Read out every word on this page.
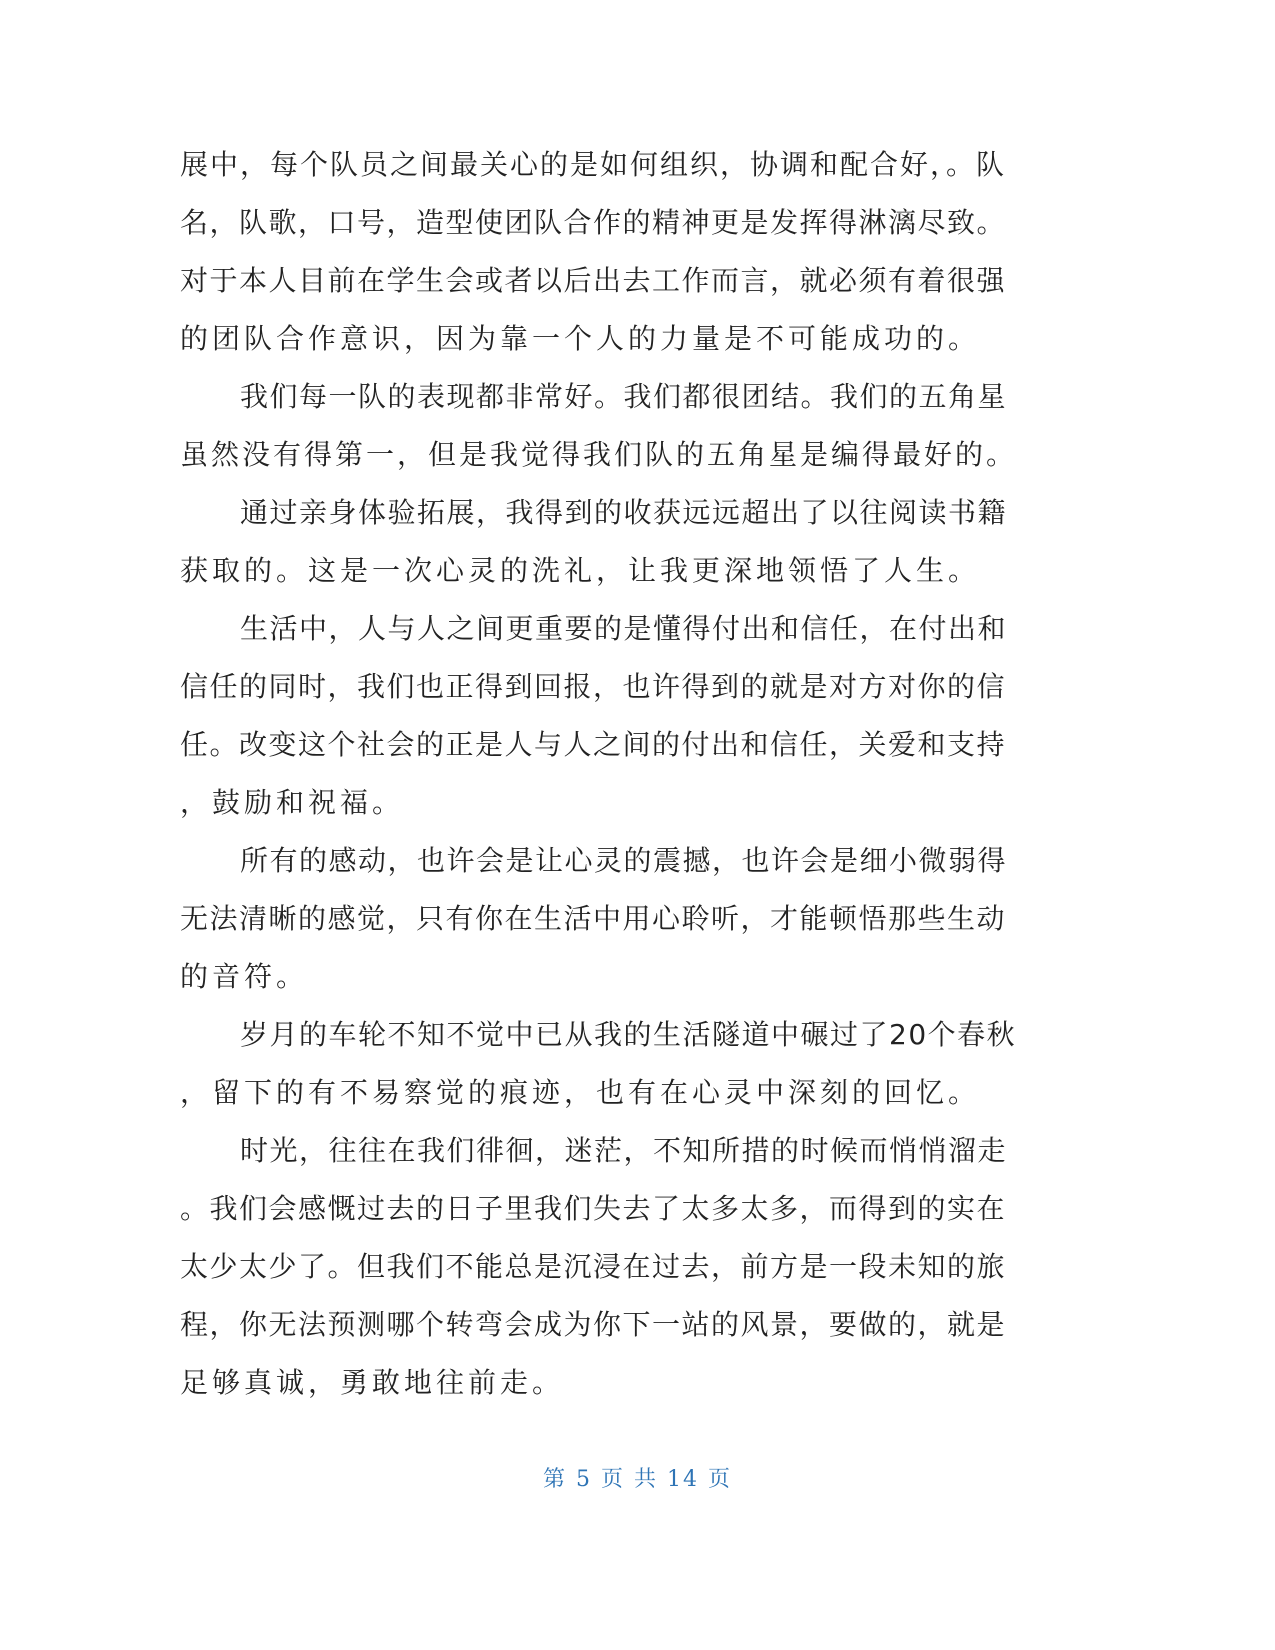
展中，每个队员之间最关心的是如何组织，协调和配合好，。队
名，队歌，口号，造型使团队合作的精神更是发挥得淋漓尽致。
对于本人目前在学生会或者以后出去工作而言，就必须有着很强
的团队合作意识，因为靠一个人的力量是不可能成功的。
我们每一队的表现都非常好。我们都很团结。我们的五角星
虽然没有得第一，但是我觉得我们队的五角星是编得最好的。
通过亲身体验拓展，我得到的收获远远超出了以往阅读书籍
获取的。这是一次心灵的洗礼，让我更深地领悟了人生。
生活中，人与人之间更重要的是懂得付出和信任，在付出和
信任的同时，我们也正得到回报，也许得到的就是对方对你的信
任。改变这个社会的正是人与人之间的付出和信任，关爱和支持
，鼓励和祝福。
所有的感动，也许会是让心灵的震撼，也许会是细小微弱得
无法清晰的感觉，只有你在生活中用心聆听，才能顿悟那些生动
的音符。
岁月的车轮不知不觉中已从我的生活隧道中碾过了20个春秋
，留下的有不易察觉的痕迹，也有在心灵中深刻的回忆。
时光，往往在我们徘徊，迷茫，不知所措的时候而悄悄溜走
。我们会感慨过去的日子里我们失去了太多太多，而得到的实在
太少太少了。但我们不能总是沉浸在过去，前方是一段未知的旅
程，你无法预测哪个转弯会成为你下一站的风景，要做的，就是
足够真诚，勇敢地往前走。
第 5 页 共 14 页
